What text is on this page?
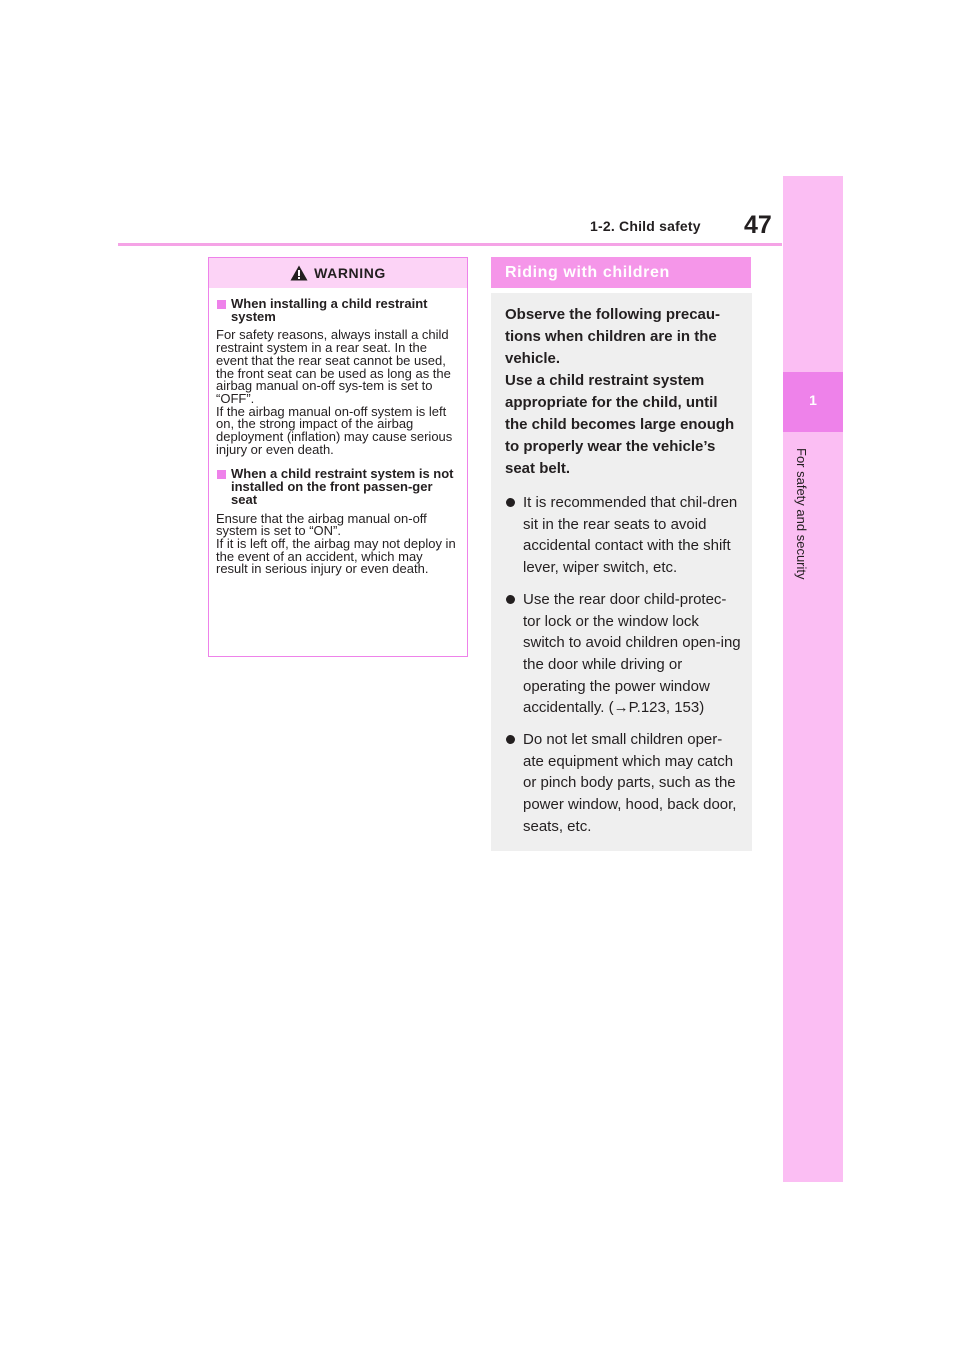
1-2. Child safety 47
1
For safety and security
WARNING
When installing a child restraint system
For safety reasons, always install a child restraint system in a rear seat. In the event that the rear seat cannot be used, the front seat can be used as long as the airbag manual on-off sys-tem is set to “OFF”.
If the airbag manual on-off system is left on, the strong impact of the airbag deployment (inflation) may cause serious injury or even death.
When a child restraint system is not installed on the front passen-ger seat
Ensure that the airbag manual on-off system is set to “ON”.
If it is left off, the airbag may not deploy in the event of an accident, which may result in serious injury or even death.
Riding with children
Observe the following precau-tions when children are in the vehicle.
Use a child restraint system appropriate for the child, until the child becomes large enough to properly wear the vehicle’s seat belt.
It is recommended that chil-dren sit in the rear seats to avoid accidental contact with the shift lever, wiper switch, etc.
Use the rear door child-protec-tor lock or the window lock switch to avoid children open-ing the door while driving or operating the power window accidentally. (→P.123, 153)
Do not let small children oper-ate equipment which may catch or pinch body parts, such as the power window, hood, back door, seats, etc.
